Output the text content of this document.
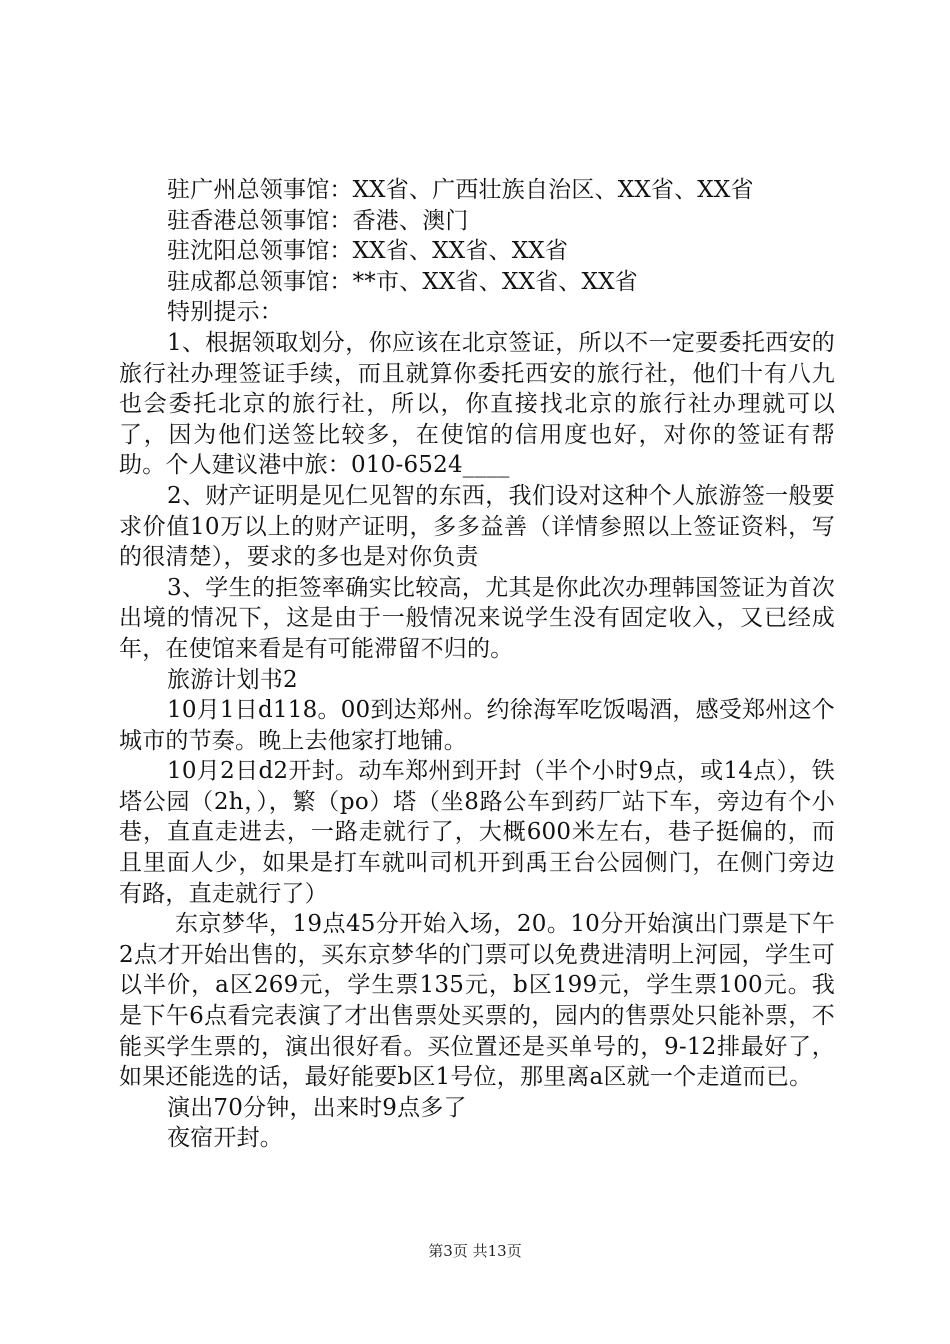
驻广州总领事馆：XX省、广西壮族自治区、XX省、XX省

驻香港总领事馆：香港、澳门

驻沈阳总领事馆：XX省、XX省、XX省

驻成都总领事馆：**市、XX省、XX省、XX省

特别提示：

1、根据领取划分，你应该在北京签证，所以不一定要委托西安的旅行社办理签证手续，而且就算你委托西安的旅行社，他们十有八九也会委托北京的旅行社，所以，你直接找北京的旅行社办理就可以了，因为他们送签比较多，在使馆的信用度也好，对你的签证有帮助。个人建议港中旅：010-6524____

2、财产证明是见仁见智的东西，我们设对这种个人旅游签一般要求价值10万以上的财产证明，多多益善（详情参照以上签证资料，写的很清楚），要求的多也是对你负责

3、学生的拒签率确实比较高，尤其是你此次办理韩国签证为首次出境的情况下，这是由于一般情况来说学生没有固定收入，又已经成年，在使馆来看是有可能滞留不归的。

旅游计划书2

10月1日d118。00到达郑州。约徐海军吃饭喝酒，感受郑州这个城市的节奏。晚上去他家打地铺。

10月2日d2开封。动车郑州到开封（半个小时9点，或14点），铁塔公园（2h，），繁（po）塔（坐8路公车到药厂站下车，旁边有个小巷，直直走进去，一路走就行了，大概600米左右，巷子挺偏的，而且里面人少，如果是打车就叫司机开到禹王台公园侧门，在侧门旁边有路，直走就行了）

东京梦华，19点45分开始入场，20。10分开始演出门票是下午2点才开始出售的，买东京梦华的门票可以免费进清明上河园，学生可以半价，a区269元，学生票135元，b区199元，学生票100元。我是下午6点看完表演了才出售票处买票的，园内的售票处只能补票，不能买学生票的，演出很好看。买位置还是买单号的，9-12排最好了，如果还能选的话，最好能要b区1号位，那里离a区就一个走道而已。

演出70分钟，出来时9点多了

夜宿开封。

第3页 共13页
